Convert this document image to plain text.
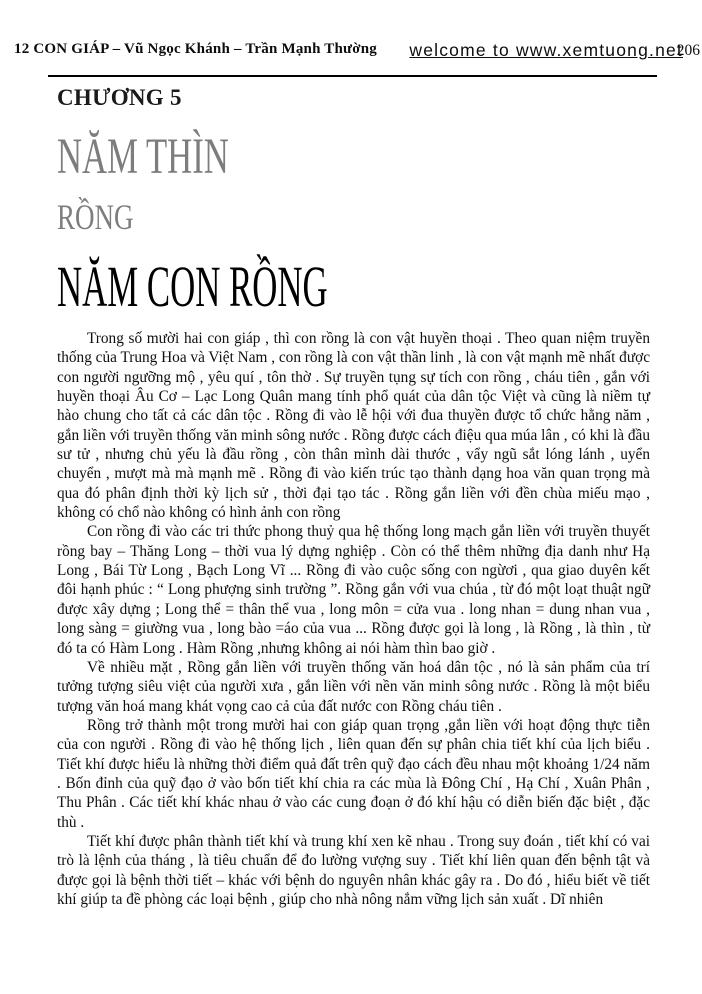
12 CON GIÁP – Vũ Ngọc Khánh – Trần Mạnh Thường welcome to www.xemtuong.net
206
CHƯƠNG 5
NĂM THÌN
RỒNG
NĂM CON RỒNG

Trong số mười hai con giáp , thì con rồng là con vật huyền thoại . Theo quan niệm truyền thống của Trung Hoa và Việt Nam , con rồng là con vật thần linh , là con vật mạnh mẽ nhất được con người ngưỡng mộ , yêu quí , tôn thờ . Sự truyền tụng sự tích con rồng , cháu tiên , gắn với huyền thoại Âu Cơ – Lạc Long Quân mang tính phổ quát của dân tộc Việt và cũng là niềm tự hào chung cho tất cả các dân tộc . Rồng đi vào lễ hội với đua thuyền được tổ chức hằng năm , gắn liền với truyền thống văn minh sông nước . Rồng được cách điệu qua múa lân , có khi là đầu sư tử , nhưng chủ yếu là đầu rồng , còn thân mình dài thước , vẩy ngũ sắt lóng lánh , uyển chuyển , mượt mà mà mạnh mẽ . Rồng đi vào kiến trúc tạo thành dạng hoa văn quan trọng mà qua đó phân định thời kỳ lịch sử , thời đại tạo tác . Rồng gắn liền với đền chùa miếu mạo , không có chổ nào không có hình ảnh con rồng

Con rồng đi vào các tri thức phong thuỷ qua hệ thống long mạch gắn liền với truyền thuyết rồng bay – Thăng Long – thời vua lý dựng nghiệp . Còn có thể thêm những địa danh như Hạ Long , Bái Từ Long , Bạch Long Vĩ ... Rồng đi vào cuộc sống con ngừơi , qua giao duyên kết đôi hạnh phúc : “ Long phượng sinh trường ”. Rồng gắn với vua chúa , từ đó một loạt thuật ngữ được xây dựng ; Long thể = thân thể vua , long môn = cửa vua . long nhan = dung nhan vua , long sàng = giường vua , long bào =áo của vua ... Rồng được gọi là long , là Rồng , là thìn , từ đó ta có Hàm Long . Hàm Rồng ,nhưng không ai nói hàm thìn bao giờ .

Về nhiều mặt , Rồng gắn liền với truyền thống văn hoá dân tộc , nó là sản phẩm của trí tưởng tượng siêu việt của người xưa , gắn liền với nền văn minh sông nước . Rồng là một biểu tượng văn hoá mang khát vọng cao cả của đất nước con Rồng cháu tiên .

Rồng trở thành một trong mười hai con giáp quan trọng ,gắn liền với hoạt động thực tiễn của con người . Rồng đi vào hệ thống lịch , liên quan đến sự phân chia tiết khí của lịch biểu . Tiết khí được hiểu là những thời điểm quả đất trên quỹ đạo cách đều nhau một khoảng 1/24 năm . Bốn đỉnh của quỹ đạo ở vào bốn tiết khí chia ra các mùa là Đông Chí , Hạ Chí , Xuân Phân , Thu Phân . Các tiết khí khác nhau ở vào các cung đoạn ở đó khí hậu có diễn biến đặc biệt , đặc thù .

Tiết khí được phân thành tiết khí và trung khí xen kẽ nhau . Trong suy đoán , tiết khí có vai trò là lệnh của tháng , là tiêu chuẩn để đo lường vượng suy . Tiết khí liên quan đến bệnh tật và được gọi là bệnh thời tiết – khác với bệnh do nguyên nhân khác gây ra . Do đó , hiểu biết về tiết khí giúp ta đề phòng các loại bệnh , giúp cho nhà nông nắm vững lịch sản xuất . Dĩ nhiên
